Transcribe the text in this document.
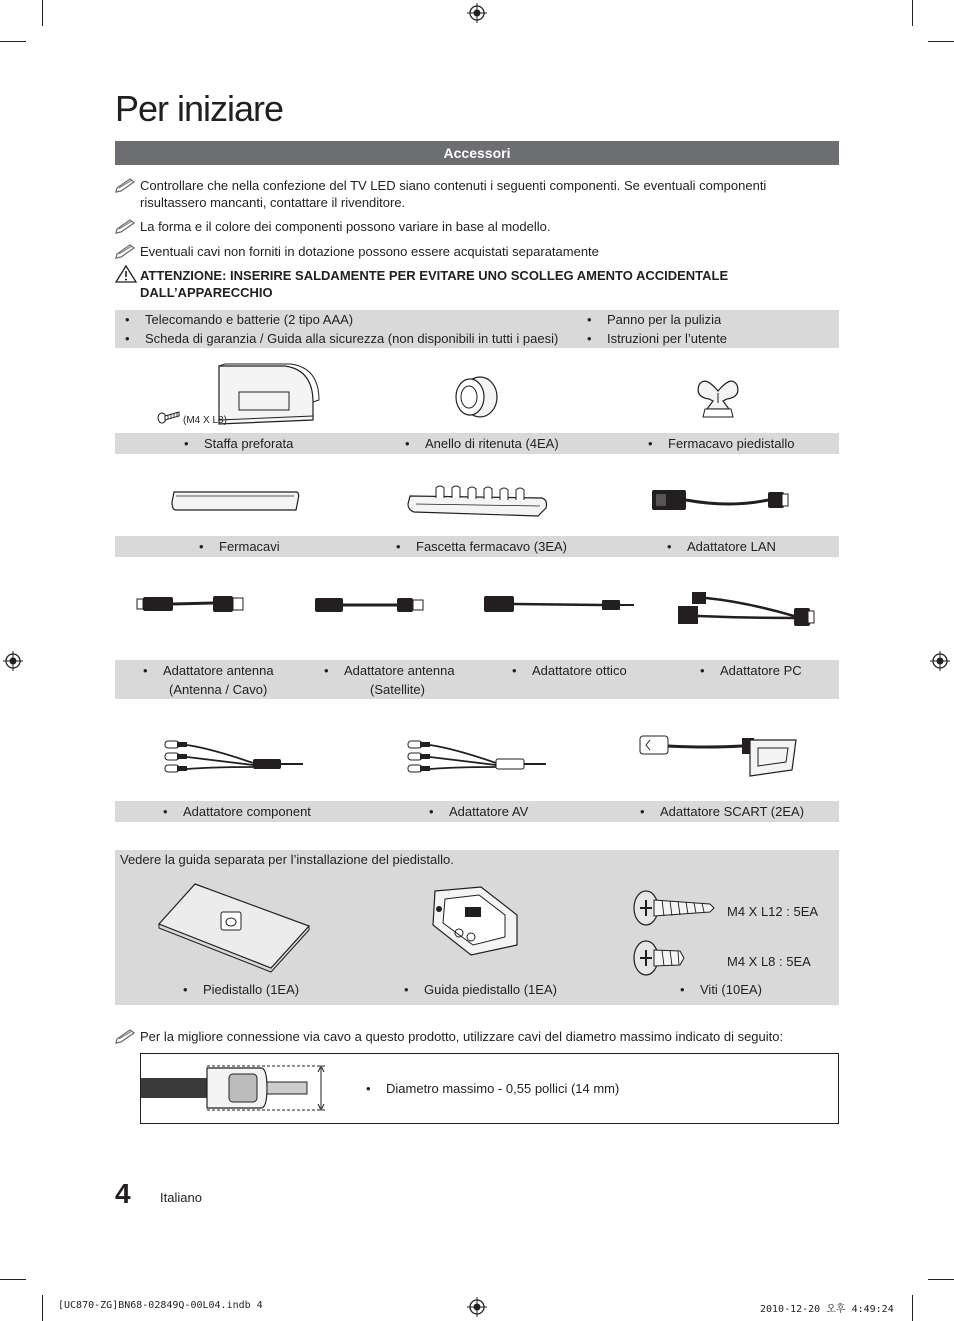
Per iniziare
Accessori
Controllare che nella confezione del TV LED siano contenuti i seguenti componenti. Se eventuali componenti risultassero mancanti, contattare il rivenditore.
La forma e il colore dei componenti possono variare in base al modello.
Eventuali cavi non forniti in dotazione possono essere acquistati separatamente
ATTENZIONE: INSERIRE SALDAMENTE PER EVITARE UNO SCOLLEG AMENTO ACCIDENTALE DALL’APPARECCHIO
• Telecomando e batterie (2 tipo AAA)
• Scheda di garanzia / Guida alla sicurezza (non disponibili in tutti i paesi)
• Panno per la pulizia
• Istruzioni per l’utente
(M4 X L8)
• Staffa preforata	• Anello di ritenuta (4EA)	• Fermacavo piedistallo
• Fermacavi	• Fascetta fermacavo (3EA)	• Adattatore LAN
• Adattatore antenna
(Antenna / Cavo)
• Adattatore antenna
(Satellite)
• Adattatore ottico	• Adattatore PC
• Adattatore component	• Adattatore AV	• Adattatore SCART (2EA)
Vedere la guida separata per l’installazione del piedistallo.
M4 X L12 : 5EA
M4 X L8 : 5EA
• Piedistallo (1EA)	• Guida piedistallo (1EA)	• Viti (10EA)
Per la migliore connessione via cavo a questo prodotto, utilizzare cavi del diametro massimo indicato di seguito:
• Diametro massimo - 0,55 pollici (14 mm)
4 Italiano
[UC870-ZG]BN68-02849Q-00L04.indb 4	2010-12-20 오후 4:49:24
